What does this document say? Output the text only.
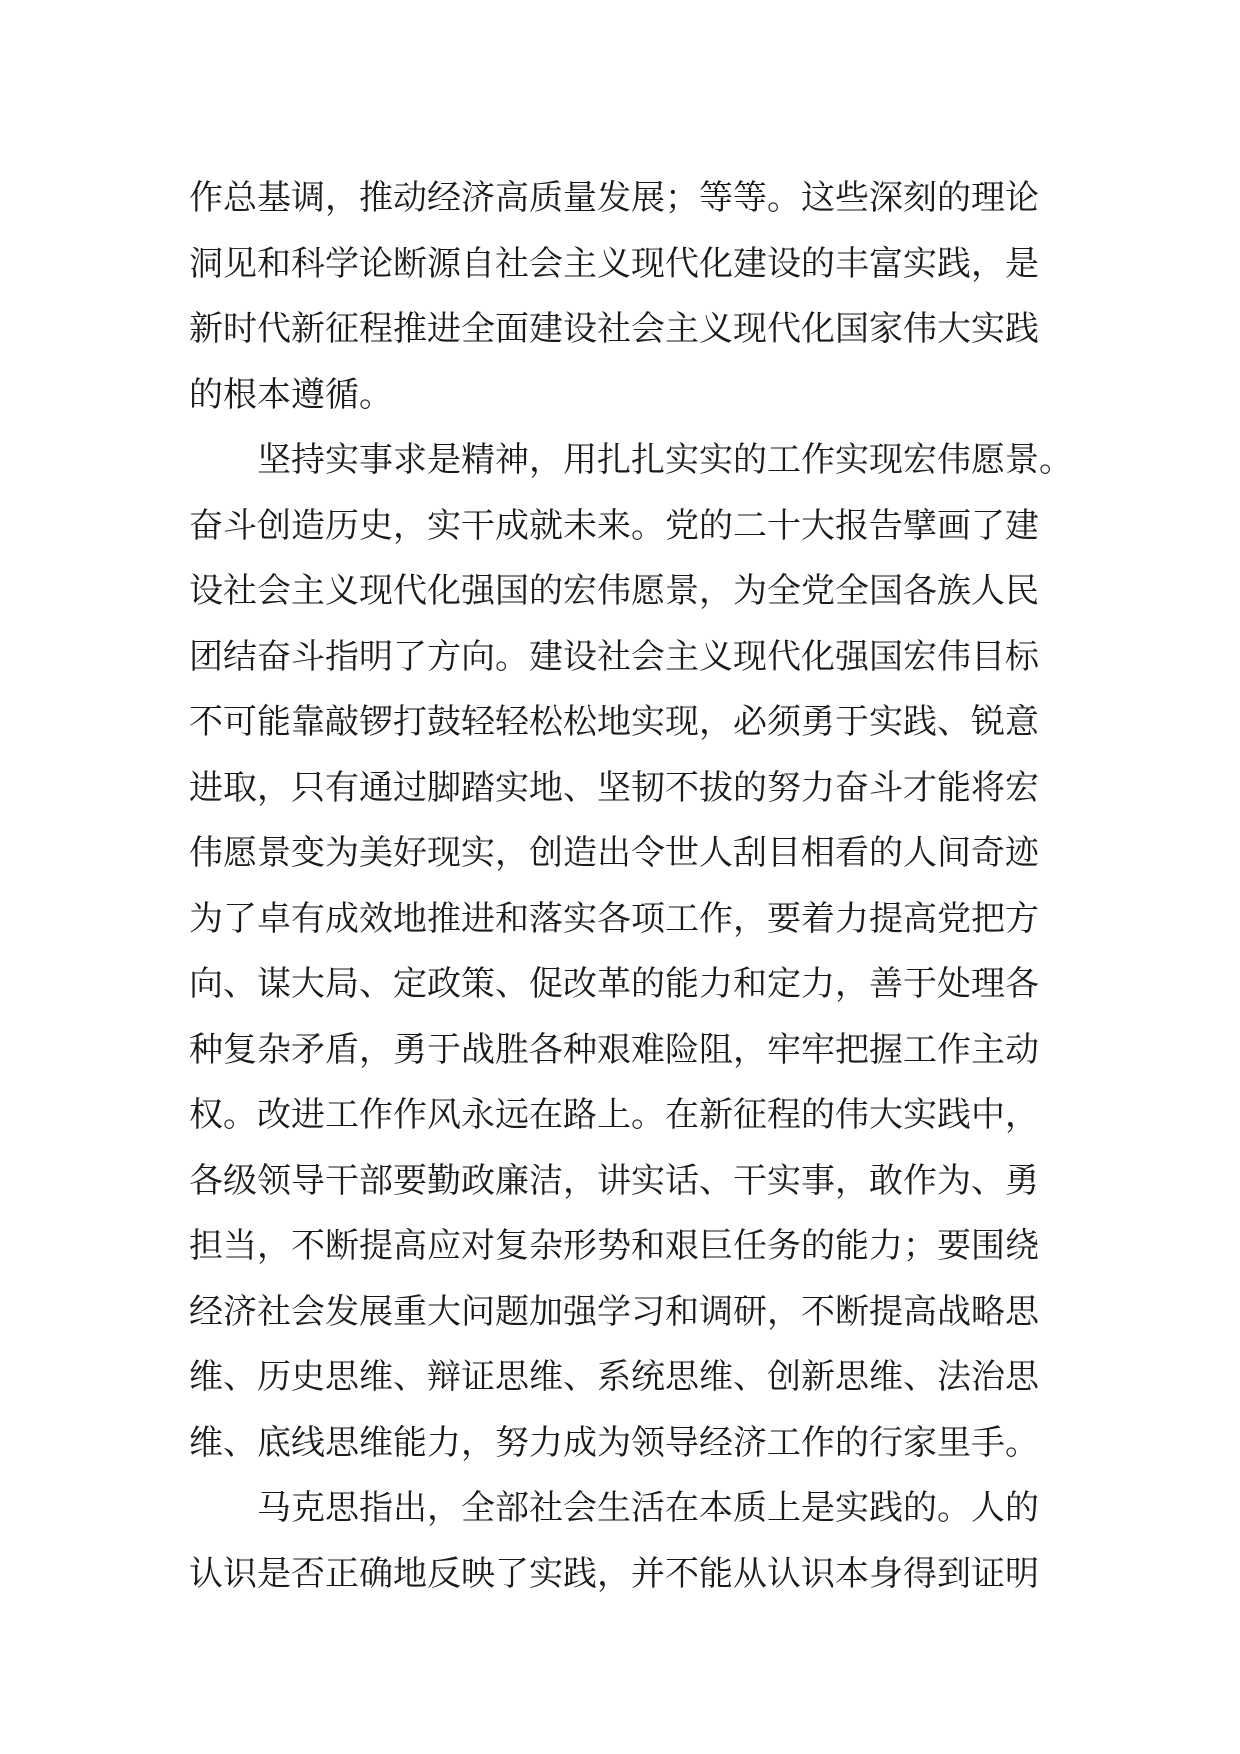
作总基调，推动经济高质量发展；等等。这些深刻的理论
洞见和科学论断源自社会主义现代化建设的丰富实践，是
新时代新征程推进全面建设社会主义现代化国家伟大实践
的根本遵循。
坚持实事求是精神，用扎扎实实的工作实现宏伟愿景。
奋斗创造历史，实干成就未来。党的二十大报告擘画了建
设社会主义现代化强国的宏伟愿景，为全党全国各族人民
团结奋斗指明了方向。建设社会主义现代化强国宏伟目标
不可能靠敲锣打鼓轻轻松松地实现，必须勇于实践、锐意
进取，只有通过脚踏实地、坚韧不拔的努力奋斗才能将宏
伟愿景变为美好现实，创造出令世人刮目相看的人间奇迹
为了卓有成效地推进和落实各项工作，要着力提高党把方
向、谋大局、定政策、促改革的能力和定力，善于处理各
种复杂矛盾，勇于战胜各种艰难险阻，牢牢把握工作主动
权。改进工作作风永远在路上。在新征程的伟大实践中，
各级领导干部要勤政廉洁，讲实话、干实事，敢作为、勇
担当，不断提高应对复杂形势和艰巨任务的能力；要围绕
经济社会发展重大问题加强学习和调研，不断提高战略思
维、历史思维、辩证思维、系统思维、创新思维、法治思
维、底线思维能力，努力成为领导经济工作的行家里手。
马克思指出，全部社会生活在本质上是实践的。人的
认识是否正确地反映了实践，并不能从认识本身得到证明
